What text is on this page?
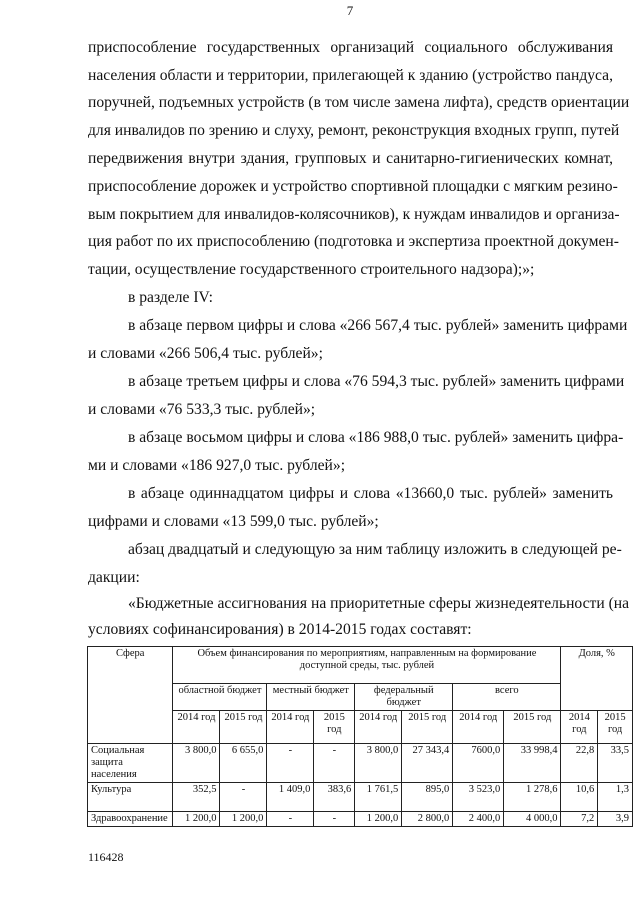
7
приспособление государственных организаций социального обслуживания
населения области и территории, прилегающей к зданию (устройство пандуса,
поручней, подъемных устройств (в том числе замена лифта), средств ориентации
для инвалидов по зрению и слуху, ремонт, реконструкция входных групп, путей
передвижения внутри здания, групповых и санитарно-гигиенических комнат,
приспособление дорожек и устройство спортивной площадки с мягким резино-
вым покрытием для инвалидов-колясочников), к нуждам инвалидов и организа-
ция работ по их приспособлению (подготовка и экспертиза проектной докумен-
тации, осуществление государственного строительного надзора);»;
в разделе IV:
в абзаце первом цифры и слова «266 567,4 тыс. рублей» заменить цифрами
и словами «266 506,4 тыс. рублей»;
в абзаце третьем цифры и слова «76 594,3 тыс. рублей» заменить цифрами
и словами «76 533,3 тыс. рублей»;
в абзаце восьмом цифры и слова «186 988,0 тыс. рублей» заменить цифра-
ми и словами «186 927,0 тыс. рублей»;
в абзаце одиннадцатом цифры и слова «13660,0 тыс. рублей» заменить
цифрами и словами «13 599,0 тыс. рублей»;
абзац двадцатый и следующую за ним таблицу изложить в следующей ре-
дакции:
«Бюджетные ассигнования на приоритетные сферы жизнедеятельности (на
условиях софинансирования) в 2014-2015 годах составят:
Сфера	Объем финансирования по мероприятиям, направленным на формирование доступной среды, тыс. рублей								Доля, %	
	областной бюджет		местный бюджет		федеральный бюджет		всего			
	2014 год	2015 год	2014 год	2015 год	2014 год	2015 год	2014 год	2015 год	2014 год	2015 год
Социальная защита населения	3 800,0	6 655,0	-	-	3 800,0	27 343,4	7600,0	33 998,4	22,8	33,5
Культура	352,5	-	1 409,0	383,6	1 761,5	895,0	3 523,0	1 278,6	10,6	1,3
Здравоохранение	1 200,0	1 200,0	-	-	1 200,0	2 800,0	2 400,0	4 000,0	7,2	3,9
116428
